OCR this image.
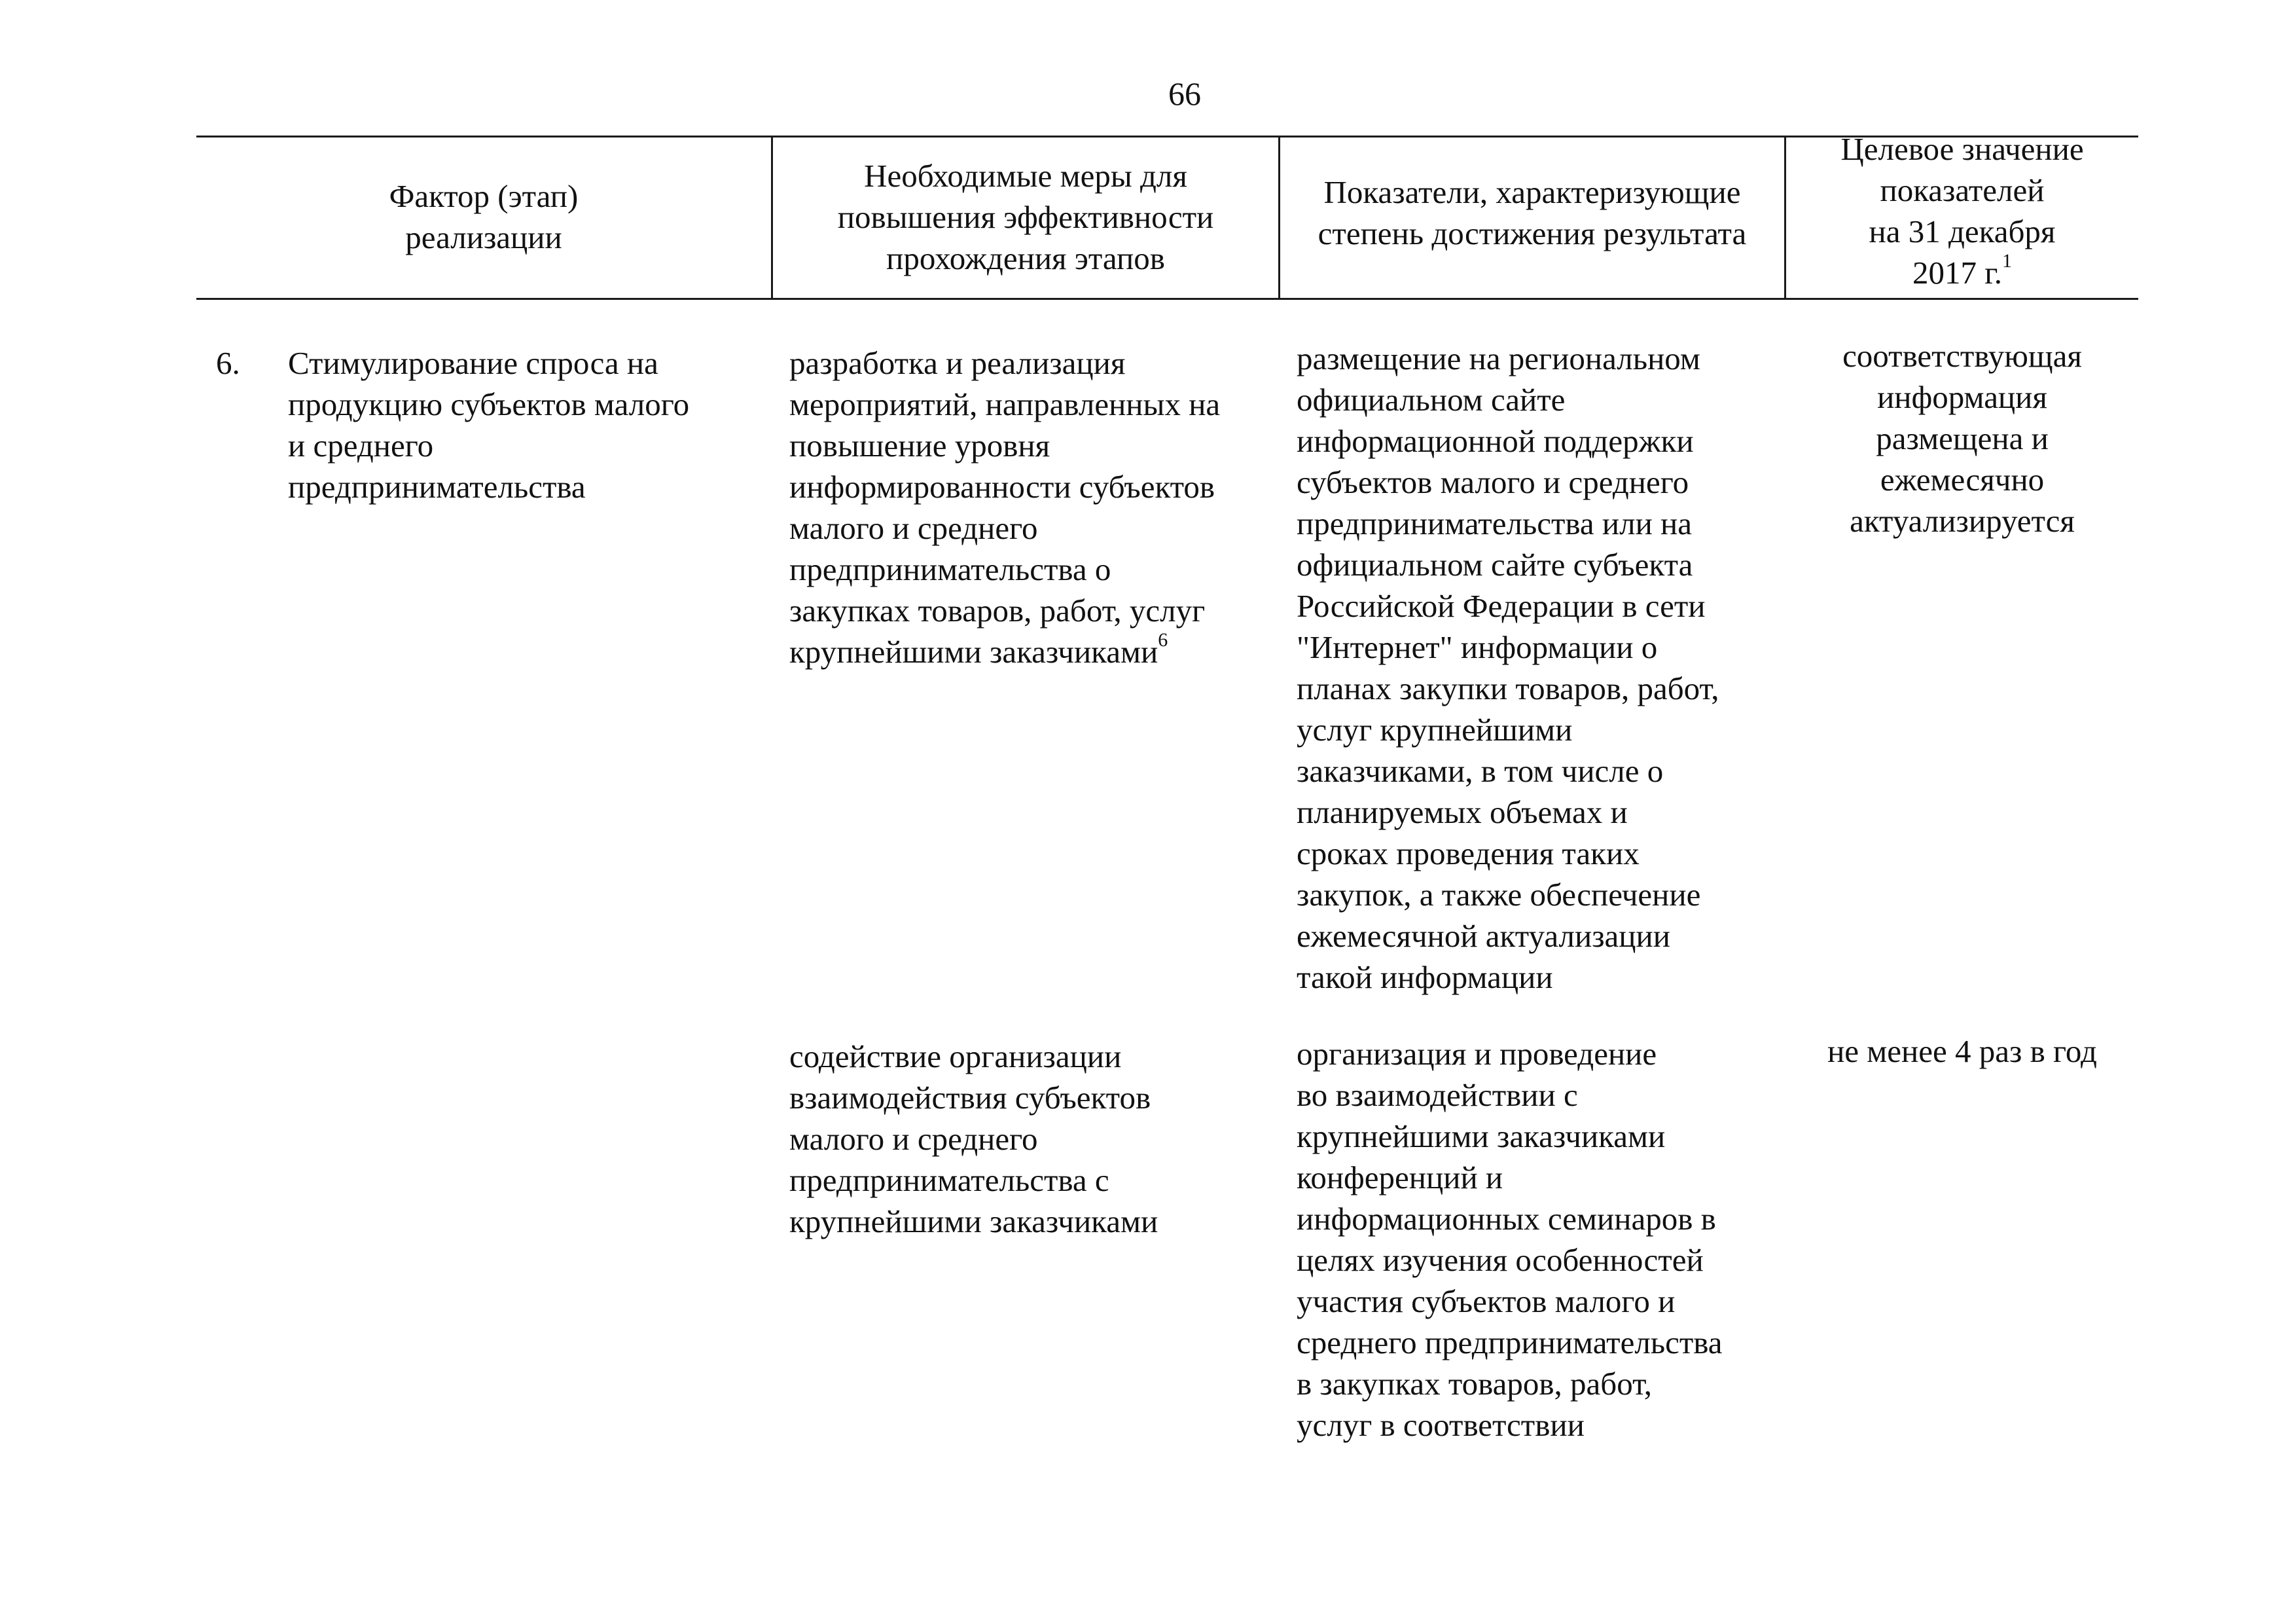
66
Фактор (этап)
реализации
Необходимые меры для
повышения эффективности
прохождения этапов
Показатели, характеризующие
степень достижения результата
Целевое значение
показателей
на 31 декабря
2017 г.$^1$
6.	Стимулирование спроса на
продукцию субъектов малого
и среднего
предпринимательства
разработка и реализация
мероприятий, направленных на
повышение уровня
информированности субъектов
малого и среднего
предпринимательства о
закупках товаров, работ, услуг
крупнейшими заказчиками$^6$
размещение на региональном
официальном сайте
информационной поддержки
субъектов малого и среднего
предпринимательства или на
официальном сайте субъекта
Российской Федерации в сети
"Интернет" информации о
планах закупки товаров, работ,
услуг крупнейшими
заказчиками, в том числе о
планируемых объемах и
сроках проведения таких
закупок, а также обеспечение
ежемесячной актуализации
такой информации
соответствующая
информация
размещена и
ежемесячно
актуализируется
содействие организации
взаимодействия субъектов
малого и среднего
предпринимательства с
крупнейшими заказчиками
организация и проведение
во взаимодействии с
крупнейшими заказчиками
конференций и
информационных семинаров в
целях изучения особенностей
участия субъектов малого и
среднего предпринимательства
в закупках товаров, работ,
услуг в соответствии
не менее 4 раз в год
